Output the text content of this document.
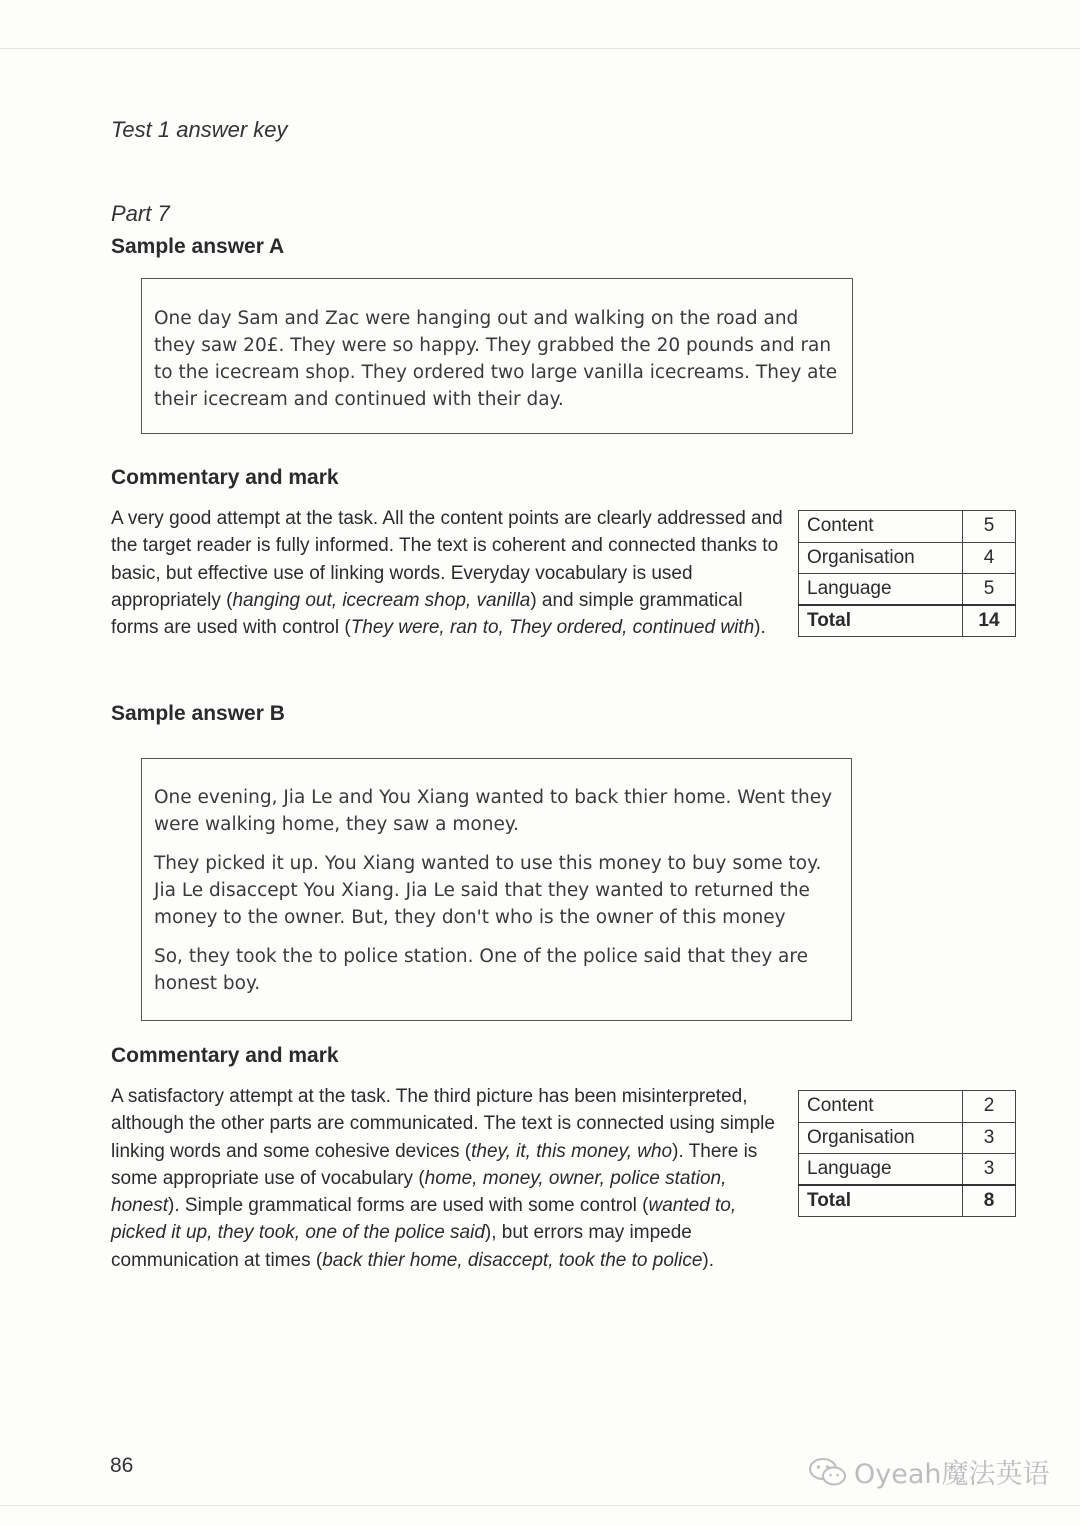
Test 1 answer key
Part 7
Sample answer A

One day Sam and Zac were hanging out and walking on the road and they saw 20£. They were so happy. They grabbed the 20 pounds and ran to the icecream shop. They ordered two large vanilla icecreams. They ate their icecream and continued with their day.

Commentary and mark
A very good attempt at the task. All the content points are clearly addressed and the target reader is fully informed. The text is coherent and connected thanks to basic, but effective use of linking words. Everyday vocabulary is used appropriately (hanging out, icecream shop, vanilla) and simple grammatical forms are used with control (They were, ran to, They ordered, continued with).
Content	5
Organisation	4
Language	5
Total	14
Sample answer B

One evening, Jia Le and You Xiang wanted to back thier home. Went they were walking home, they saw a money.

They picked it up. You Xiang wanted to use this money to buy some toy. Jia Le disaccept You Xiang. Jia Le said that they wanted to returned the money to the owner. But, they don't who is the owner of this money

So, they took the to police station. One of the police said that they are honest boy.

Commentary and mark
A satisfactory attempt at the task. The third picture has been misinterpreted, although the other parts are communicated. The text is connected using simple linking words and some cohesive devices (they, it, this money, who). There is some appropriate use of vocabulary (home, money, owner, police station, honest). Simple grammatical forms are used with some control (wanted to, picked it up, they took, one of the police said), but errors may impede communication at times (back thier home, disaccept, took the to police).
Content	2
Organisation	3
Language	3
Total	8
86	Oyeah魔法英语
